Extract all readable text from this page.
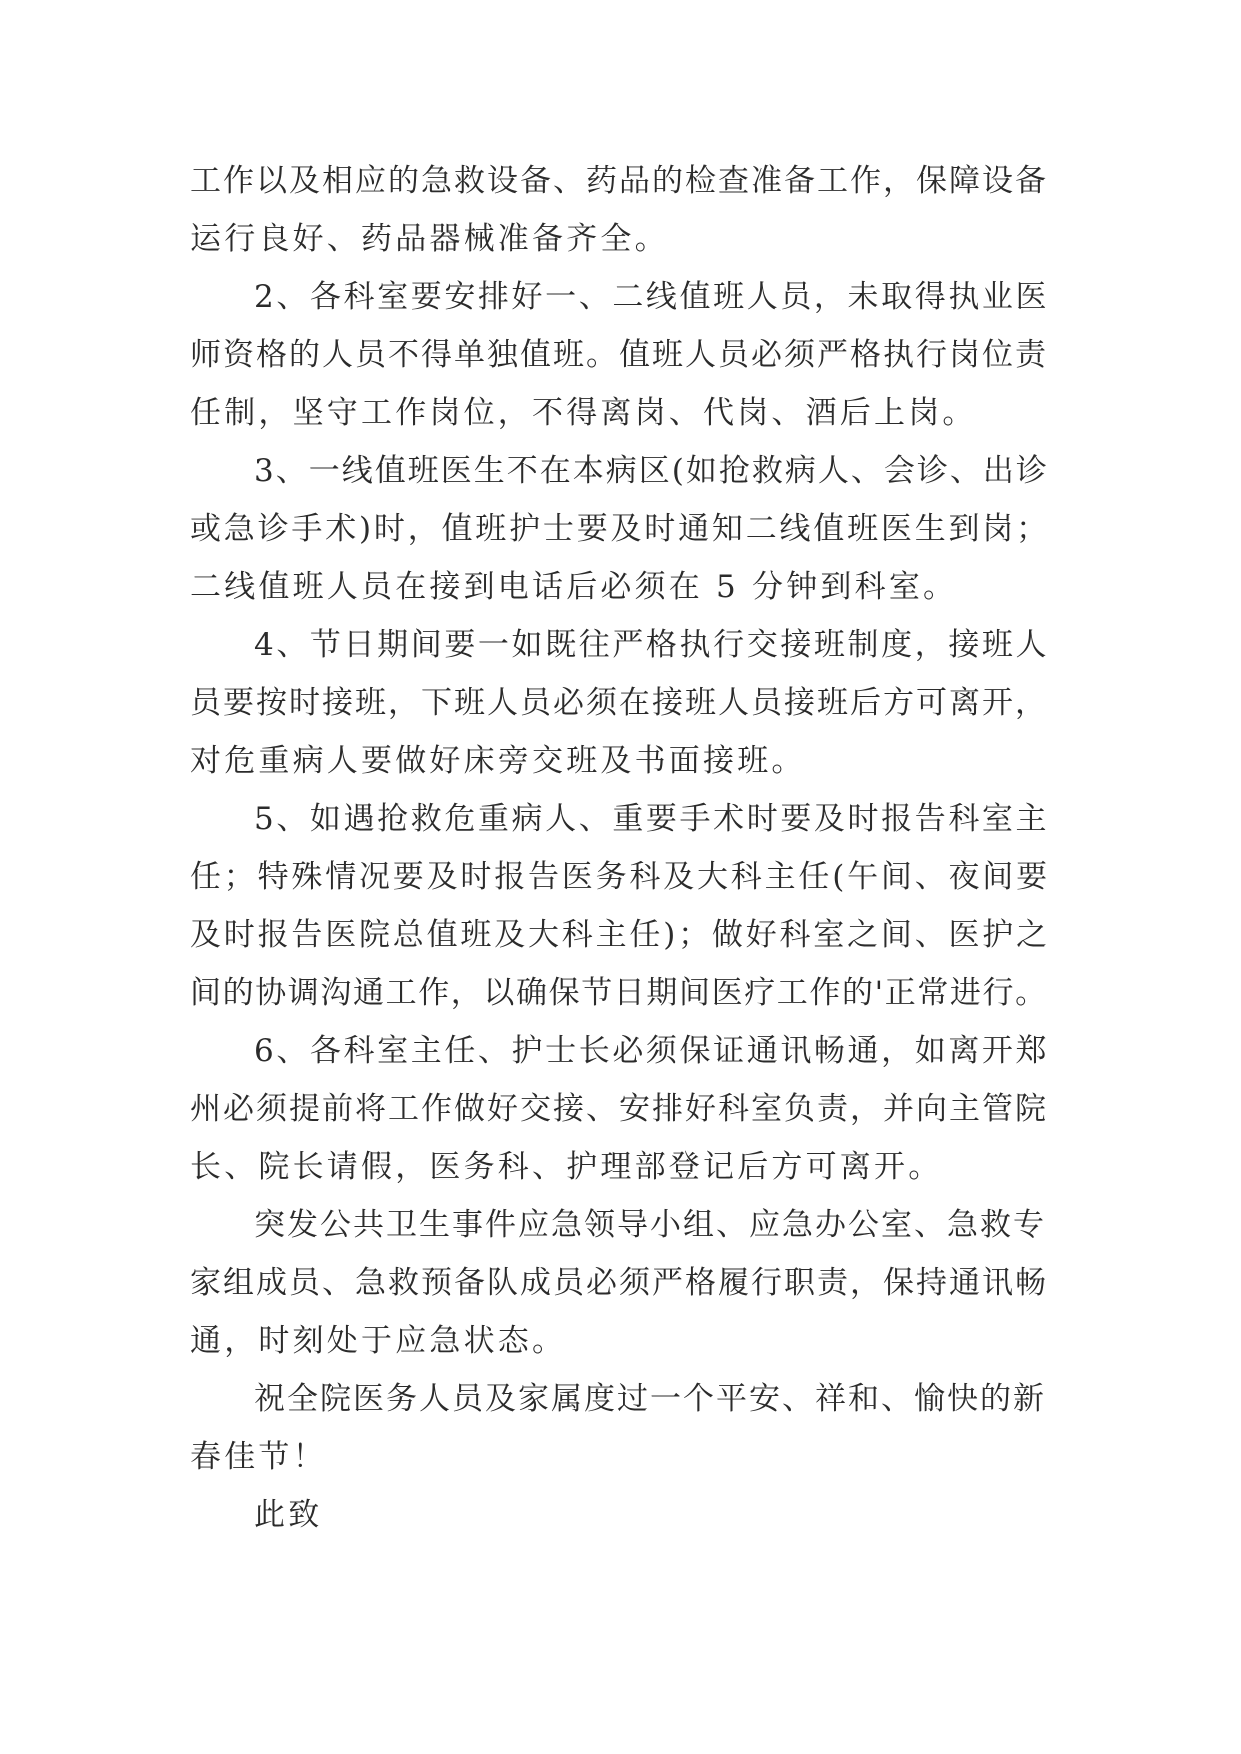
工作以及相应的急救设备、药品的检查准备工作，保障设备
运行良好、药品器械准备齐全。

2、各科室要安排好一、二线值班人员，未取得执业医
师资格的人员不得单独值班。值班人员必须严格执行岗位责
任制，坚守工作岗位，不得离岗、代岗、酒后上岗。

3、一线值班医生不在本病区(如抢救病人、会诊、出诊
或急诊手术)时，值班护士要及时通知二线值班医生到岗；
二线值班人员在接到电话后必须在 5 分钟到科室。

4、节日期间要一如既往严格执行交接班制度，接班人
员要按时接班，下班人员必须在接班人员接班后方可离开，
对危重病人要做好床旁交班及书面接班。

5、如遇抢救危重病人、重要手术时要及时报告科室主
任；特殊情况要及时报告医务科及大科主任(午间、夜间要
及时报告医院总值班及大科主任)；做好科室之间、医护之
间的协调沟通工作，以确保节日期间医疗工作的'正常进行。

6、各科室主任、护士长必须保证通讯畅通，如离开郑
州必须提前将工作做好交接、安排好科室负责，并向主管院
长、院长请假，医务科、护理部登记后方可离开。

突发公共卫生事件应急领导小组、应急办公室、急救专
家组成员、急救预备队成员必须严格履行职责，保持通讯畅
通，时刻处于应急状态。

祝全院医务人员及家属度过一个平安、祥和、愉快的新
春佳节！

此致
